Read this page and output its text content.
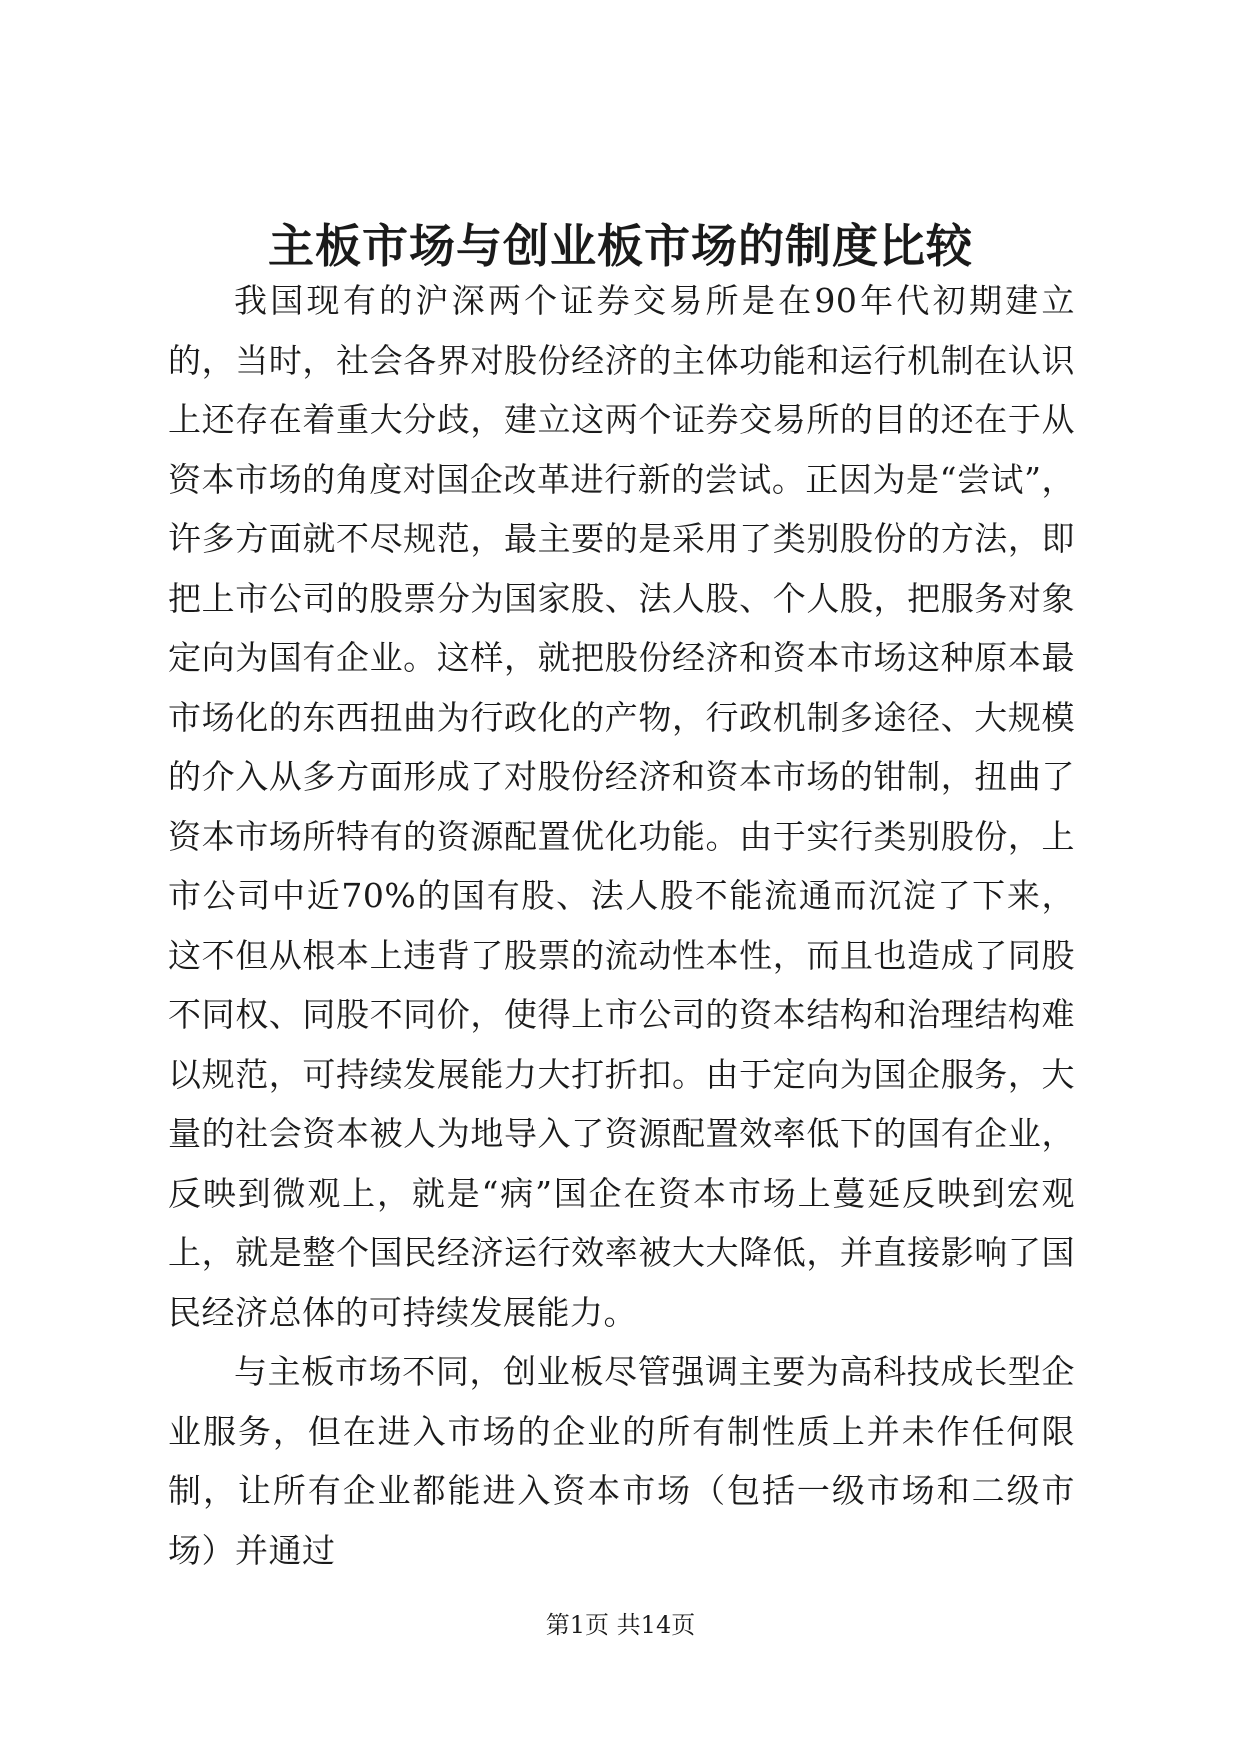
主板市场与创业板市场的制度比较

我国现有的沪深两个证券交易所是在90年代初期建立的，当时，社会各界对股份经济的主体功能和运行机制在认识上还存在着重大分歧，建立这两个证券交易所的目的还在于从资本市场的角度对国企改革进行新的尝试。正因为是“尝试”，许多方面就不尽规范，最主要的是采用了类别股份的方法，即把上市公司的股票分为国家股、法人股、个人股，把服务对象定向为国有企业。这样，就把股份经济和资本市场这种原本最市场化的东西扭曲为行政化的产物，行政机制多途径、大规模的介入从多方面形成了对股份经济和资本市场的钳制，扭曲了资本市场所特有的资源配置优化功能。由于实行类别股份，上市公司中近70%的国有股、法人股不能流通而沉淀了下来，这不但从根本上违背了股票的流动性本性，而且也造成了同股不同权、同股不同价，使得上市公司的资本结构和治理结构难以规范，可持续发展能力大打折扣。由于定向为国企服务，大量的社会资本被人为地导入了资源配置效率低下的国有企业，反映到微观上，就是“病”国企在资本市场上蔓延反映到宏观上，就是整个国民经济运行效率被大大降低，并直接影响了国民经济总体的可持续发展能力。

与主板市场不同，创业板尽管强调主要为高科技成长型企业服务，但在进入市场的企业的所有制性质上并未作任何限制，让所有企业都能进入资本市场（包括一级市场和二级市场）并通过

第1页 共14页
